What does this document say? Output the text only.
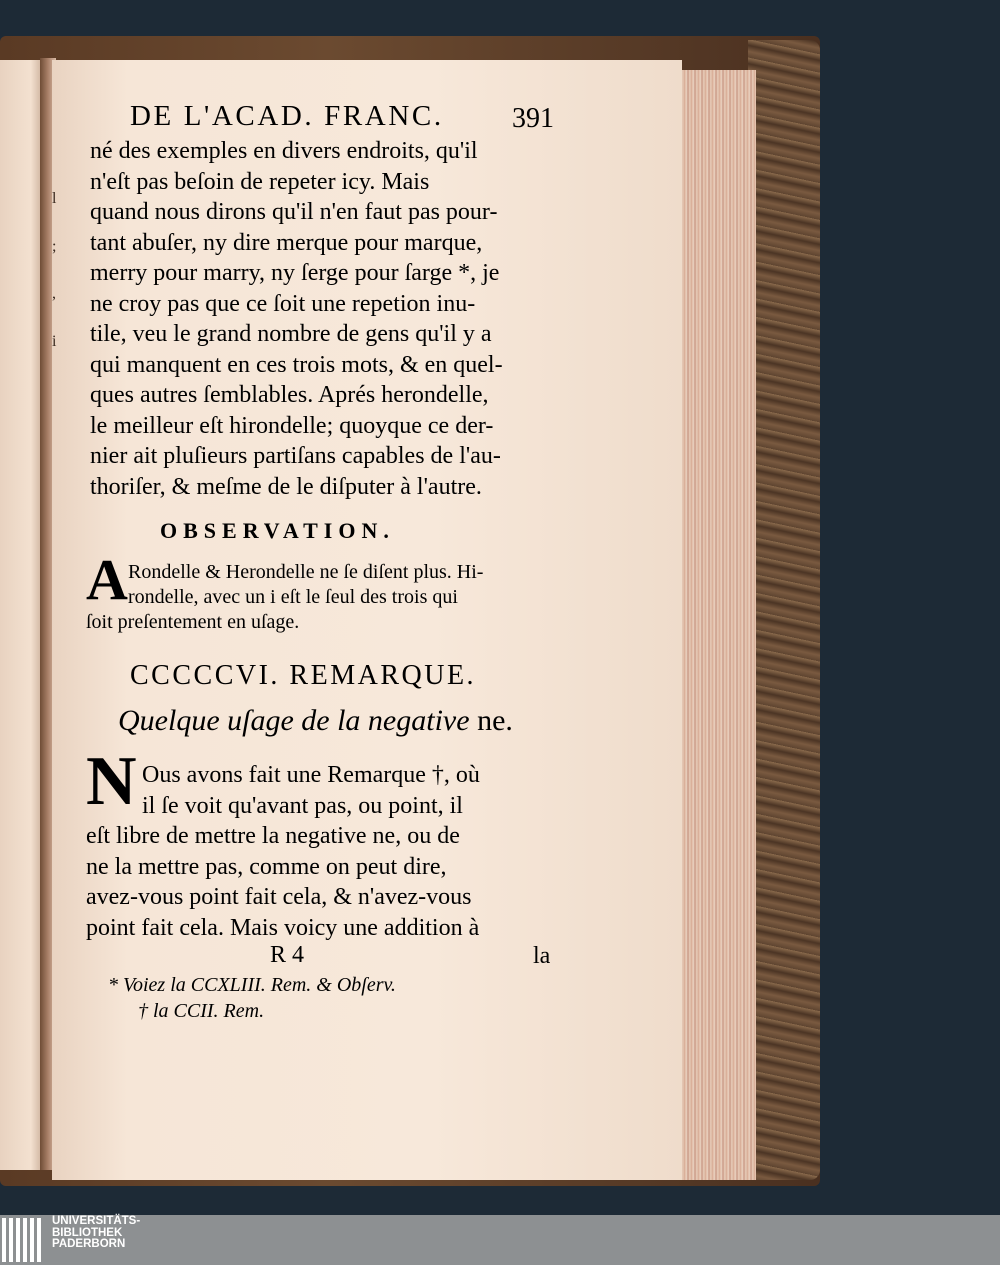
l
;
,
i
DE L'ACAD. FRANC.	391
né des exemples en divers endroits, qu'il
n'eſt pas beſoin de repeter icy. Mais
quand nous dirons qu'il n'en faut pas pour-
tant abuſer, ny dire merque pour marque,
merry pour marry, ny ſerge pour ſarge *, je
ne croy pas que ce ſoit une repetion inu-
tile, veu le grand nombre de gens qu'il y a
qui manquent en ces trois mots, & en quel-
ques autres ſemblables. Aprés herondelle,
le meilleur eſt hirondelle; quoyque ce der-
nier ait pluſieurs partiſans capables de l'au-
thoriſer, & meſme de le diſputer à l'autre.
OBSERVATION.
A Rondelle & Herondelle ne ſe diſent plus. Hi-
rondelle, avec un i eſt le ſeul des trois qui
ſoit preſentement en uſage.
CCCCCVI. REMARQUE.
Quelque uſage de la negative ne.
N Ous avons fait une Remarque †, où
il ſe voit qu'avant pas, ou point, il
eſt libre de mettre la negative ne, ou de
ne la mettre pas, comme on peut dire,
avez-vous point fait cela, & n'avez-vous
point fait cela. Mais voicy une addition à
R 4	la
* Voiez la CCXLIII. Rem. & Obſerv.
† la CCII. Rem.
UNIVERSITÄTS-
BIBLIOTHEK
PADERBORN
